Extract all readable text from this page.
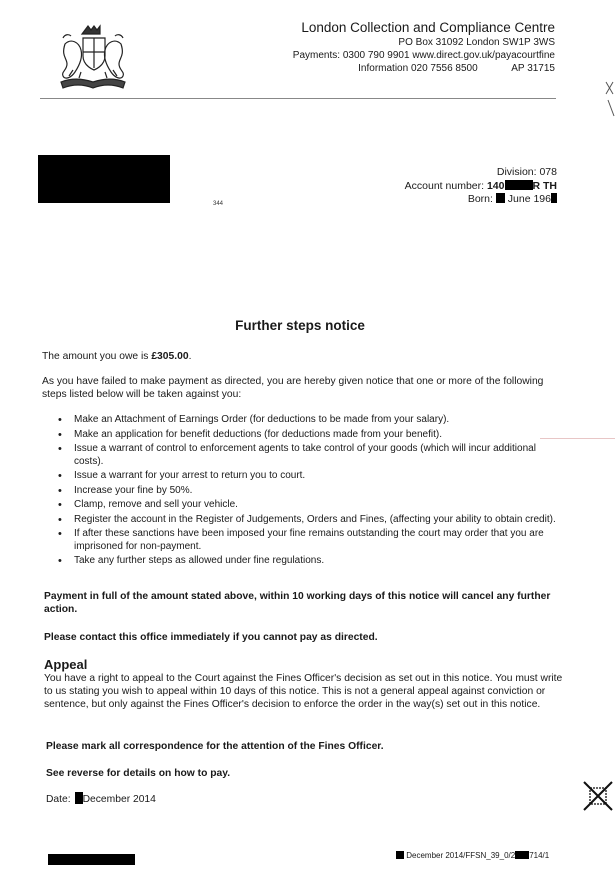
London Collection and Compliance Centre
PO Box 31092 London SW1P 3WS
Payments: 0300 790 9901 www.direct.gov.uk/payacourtfine
Information 020 7556 8500	AP 31715
344
Division: 078
Account number: 140	R TH
Born: June 196
Further steps notice
The amount you owe is £305.00.
As you have failed to make payment as directed, you are hereby given notice that one or more of the following steps listed below will be taken against you:
• Make an Attachment of Earnings Order (for deductions to be made from your salary).
• Make an application for benefit deductions (for deductions made from your benefit).
• Issue a warrant of control to enforcement agents to take control of your goods (which will incur additional costs).
• Issue a warrant for your arrest to return you to court.
• Increase your fine by 50%.
• Clamp, remove and sell your vehicle.
• Register the account in the Register of Judgements, Orders and Fines, (affecting your ability to obtain credit).
• If after these sanctions have been imposed your fine remains outstanding the court may order that you are imprisoned for non-payment.
• Take any further steps as allowed under fine regulations.
Payment in full of the amount stated above, within 10 working days of this notice will cancel any further action.
Please contact this office immediately if you cannot pay as directed.
Appeal
You have a right to appeal to the Court against the Fines Officer's decision as set out in this notice. You must write to us stating you wish to appeal within 10 days of this notice. This is not a general appeal against conviction or sentence, but only against the Fines Officer's decision to enforce the order in the way(s) set out in this notice.
Please mark all correspondence for the attention of the Fines Officer.
See reverse for details on how to pay.
Date: December 2014
December 2014/FFSN_39_0/2 714/1
